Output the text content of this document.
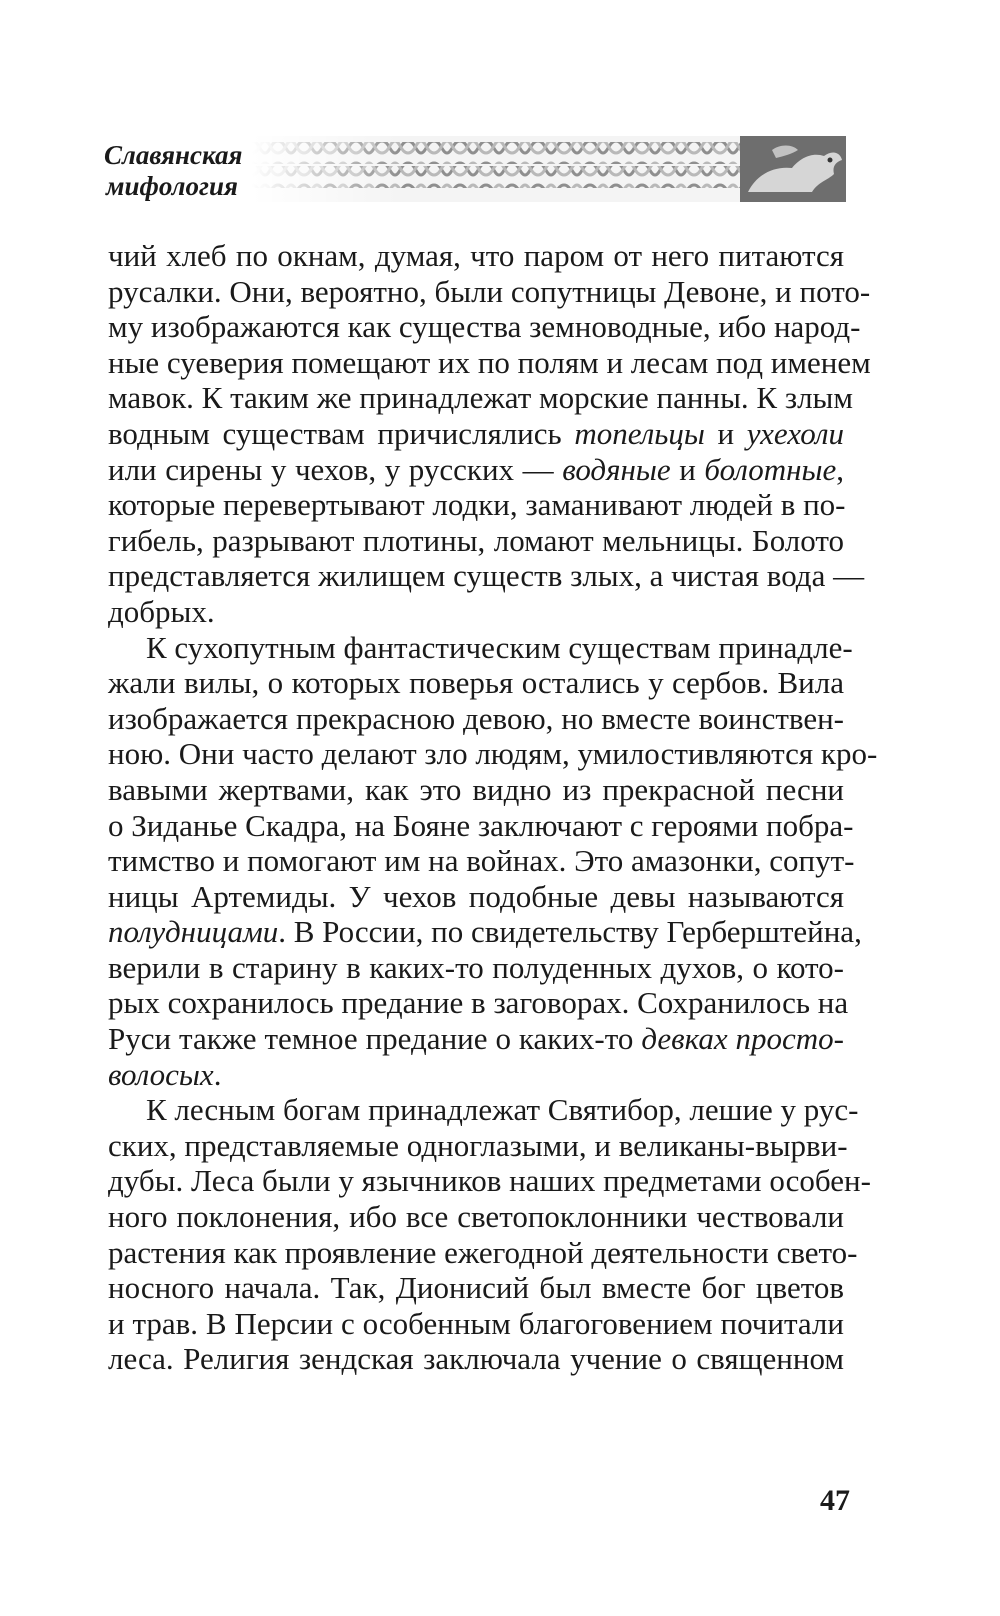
Славянская
мифология
чий хлеб по окнам, думая, что паром от него питаются
русалки. Они, вероятно, были сопутницы Девоне, и пото-
му изображаются как существа земноводные, ибо народ-
ные суеверия помещают их по полям и лесам под именем
мавок. К таким же принадлежат морские панны. К злым
водным существам причислялись топельцы и ухехоли
или сирены у чехов, у русских — водяные и болотные,
которые перевертывают лодки, заманивают людей в по-
гибель, разрывают плотины, ломают мельницы. Болото
представляется жилищем существ злых, а чистая вода —
добрых.
К сухопутным фантастическим существам принадле-
жали вилы, о которых поверья остались у сербов. Вила
изображается прекрасною девою, но вместе воинствен-
ною. Они часто делают зло людям, умилостивляются кро-
вавыми жертвами, как это видно из прекрасной песни
о Зиданье Скадра, на Бояне заключают с героями побра-
тимство и помогают им на войнах. Это амазонки, сопут-
ницы Артемиды. У чехов подобные девы называются
полудницами. В России, по свидетельству Герберштейна,
верили в старину в каких-то полуденных духов, о кото-
рых сохранилось предание в заговорах. Сохранилось на
Руси также темное предание о каких-то девках просто-
волосых.
К лесным богам принадлежат Святибор, лешие у рус-
ских, представляемые одноглазыми, и великаны-вырви-
дубы. Леса были у язычников наших предметами особен-
ного поклонения, ибо все светопоклонники чествовали
растения как проявление ежегодной деятельности свето-
носного начала. Так, Дионисий был вместе бог цветов
и трав. В Персии с особенным благоговением почитали
леса. Религия зендская заключала учение о священном
47
